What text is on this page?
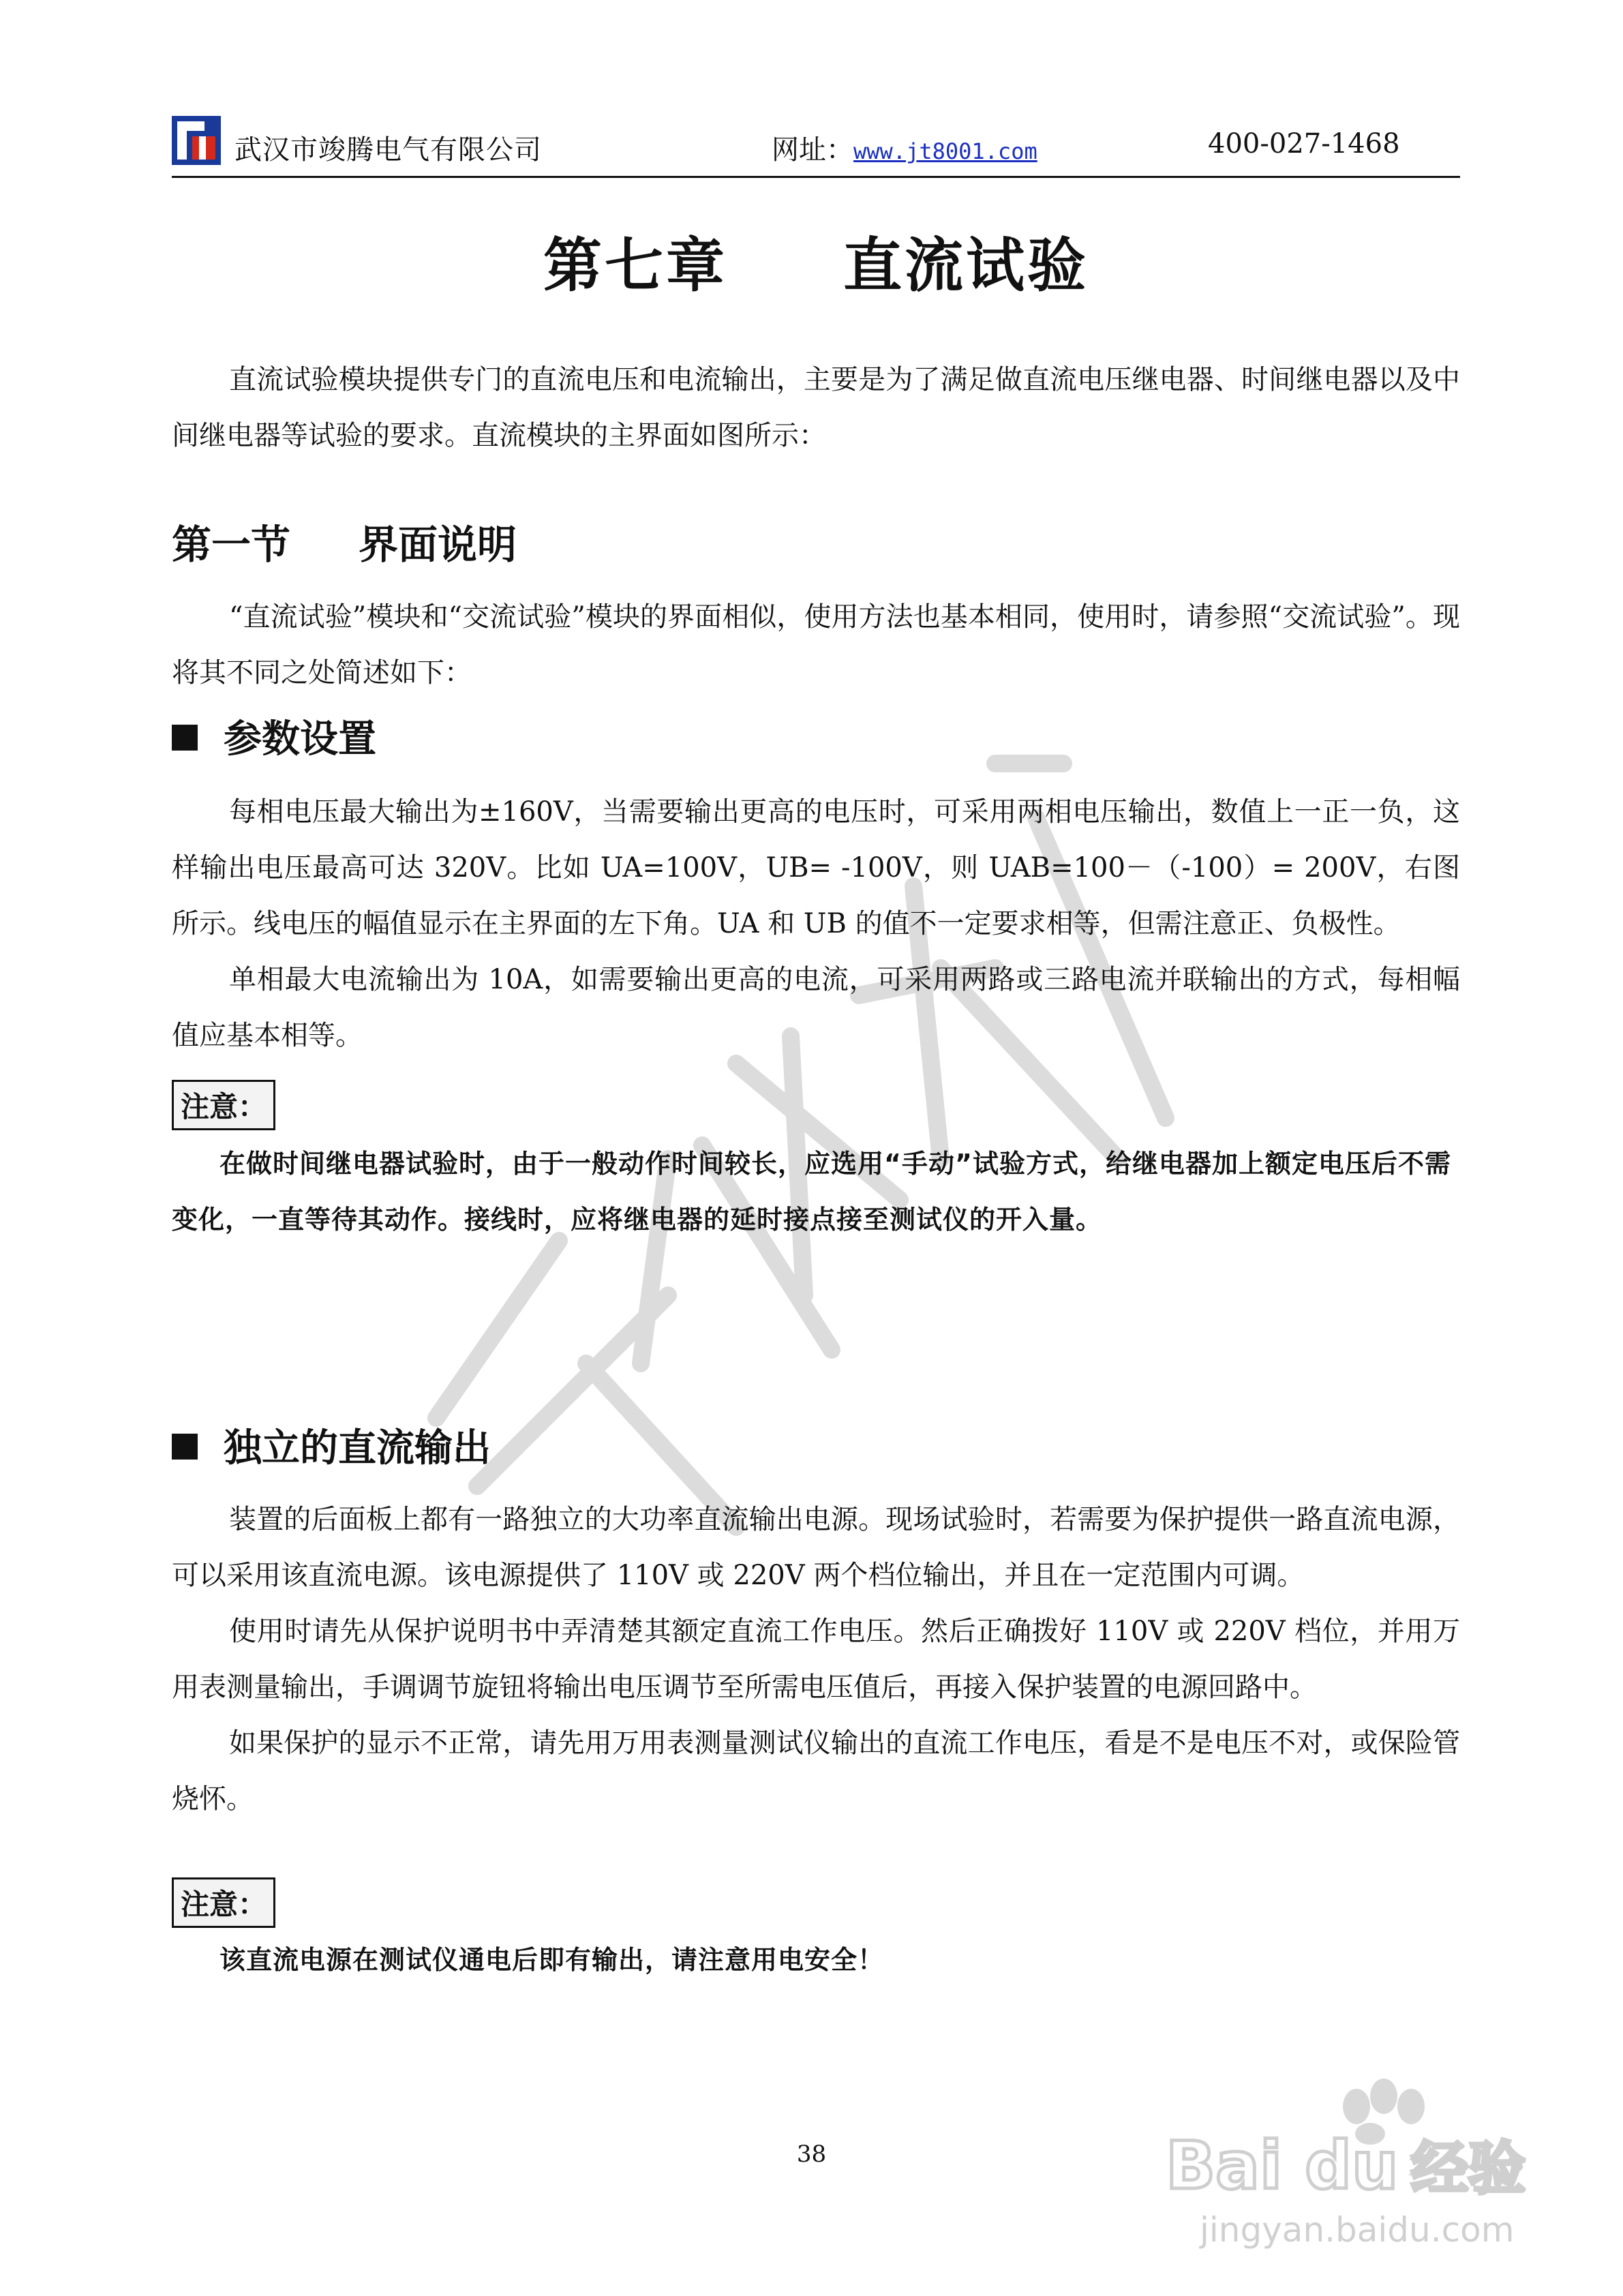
武汉市竣腾电气有限公司	网址：www.jt8001.com	400-027-1468
第七章 直流试验
直流试验模块提供专门的直流电压和电流输出，主要是为了满足做直流电压继电器、时间继电器以及中间继电器等试验的要求。直流模块的主界面如图所示：
第一节 界面说明
“直流试验”模块和“交流试验”模块的界面相似，使用方法也基本相同，使用时，请参照“交流试验”。现将其不同之处简述如下：
参数设置
每相电压最大输出为±160V，当需要输出更高的电压时，可采用两相电压输出，数值上一正一负，这样输出电压最高可达 320V。比如 UA=100V，UB= -100V，则 UAB=100－（-100）= 200V，右图所示。线电压的幅值显示在主界面的左下角。UA 和 UB 的值不一定要求相等，但需注意正、负极性。
单相最大电流输出为 10A，如需要输出更高的电流，可采用两路或三路电流并联输出的方式，每相幅值应基本相等。
注意：
在做时间继电器试验时，由于一般动作时间较长，应选用“手动”试验方式，给继电器加上额定电压后不需变化，一直等待其动作。接线时，应将继电器的延时接点接至测试仪的开入量。
独立的直流输出
装置的后面板上都有一路独立的大功率直流输出电源。现场试验时，若需要为保护提供一路直流电源，可以采用该直流电源。该电源提供了 110V 或 220V 两个档位输出，并且在一定范围内可调。
使用时请先从保护说明书中弄清楚其额定直流工作电压。然后正确拨好 110V 或 220V 档位，并用万用表测量输出，手调调节旋钮将输出电压调节至所需电压值后，再接入保护装置的电源回路中。
如果保护的显示不正常，请先用万用表测量测试仪输出的直流工作电压，看是不是电压不对，或保险管烧怀。
注意：
该直流电源在测试仪通电后即有输出，请注意用电安全！
38	Bai du 经验
jingyan.baidu.com
